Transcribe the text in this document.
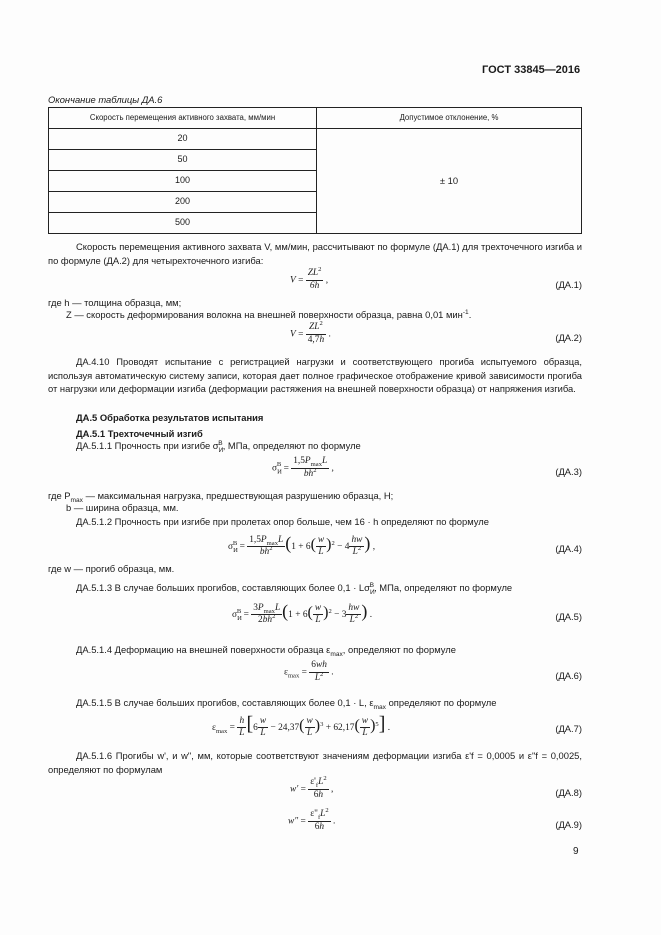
ГОСТ 33845—2016
Окончание таблицы ДА.6
Скорость перемещения активного захвата, мм/мин	Допустимое отклонение, %
20	± 10
50	
100	
200	
500	
Скорость перемещения активного захвата V, мм/мин, рассчитывают по формуле (ДА.1) для трехточечного изгиба и по формуле (ДА.2) для четырехточечного изгиба:
$V = \frac{ZL^2}{6h}$ ,	(ДА.1)
где h — толщина образца, мм;
Z — скорость деформирования волокна на внешней поверхности образца, равна 0,01 мин$^{-1}$.
$V = \frac{ZL^2}{4,7h}$ .	(ДА.2)
ДА.4.10 Проводят испытание с регистрацией нагрузки и соответствующего прогиба испытуемого образца, используя автоматическую систему записи, которая дает полное графическое отображение кривой зависимости прогиба от нагрузки или деформации изгиба (деформации растяжения на внешней поверхности образца) от напряжения изгиба.
ДА.5 Обработка результатов испытания
ДА.5.1 Трехточечный изгиб
ДА.5.1.1 Прочность при изгибе $\sigma_И^В$, МПа, определяют по формуле
$\sigma_И^В = \frac{1,5P_{max}L}{bh^2}$ ,	(ДА.3)
где $P_{max}$ — максимальная нагрузка, предшествующая разрушению образца, Н;
b — ширина образца, мм.
ДА.5.1.2 Прочность при изгибе при пролетах опор больше, чем 16 · h определяют по формуле
$\sigma_И^В = \frac{1,5P_{max}L}{bh^2} (1 + 6( \frac{w}{L} )^2 - 4 \frac{hw}{L^2}$ ) ,	(ДА.4)
где w — прогиб образца, мм.
ДА.5.1.3 В случае больших прогибов, составляющих более $0,1 \cdot L\sigma_И^В$, МПа, определяют по формуле
$\sigma_И^В = \frac{3P_{max}L}{2bh^2} (1 + 6( \frac{w}{L} )^2 - 3 \frac{hw}{L^2}$ ) .	(ДА.5)
ДА.5.1.4 Деформацию на внешней поверхности образца $\varepsilon_{max}$, определяют по формуле
$\varepsilon_{max} = \frac{6wh}{L^2}$ .	(ДА.6)
ДА.5.1.5 В случае больших прогибов, составляющих более 0,1 · L, $\varepsilon_{max}$ определяют по формуле
$\varepsilon_{max} = \frac{h}{L} [6 \frac{w}{L} - 24,37( \frac{w}{L} )^3 + 62,17( \frac{w}{L} )^5]$ .	(ДА.7)
ДА.5.1.6 Прогибы w', и w", мм, которые соответствуют значениям деформации изгиба ε'f = 0,0005 и ε"f = 0,0025, определяют по формулам
$w' = \frac{\varepsilon'_fL^2}{6h}$ ,	(ДА.8)
w" = $\frac{\varepsilon"_fL^2}{6h}$ .	(ДА.9)
9
